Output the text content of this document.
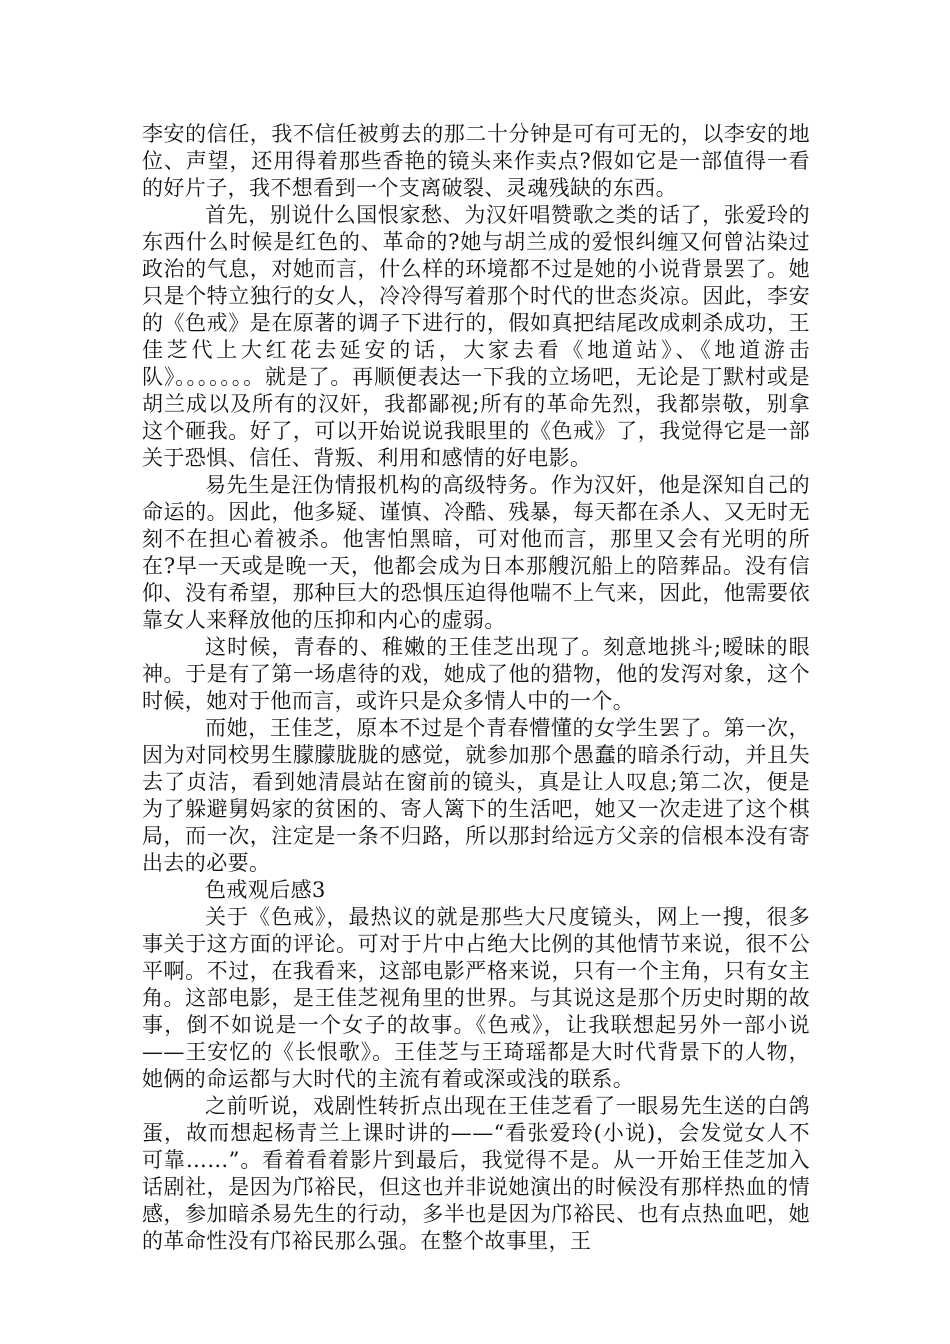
李安的信任，我不信任被剪去的那二十分钟是可有可无的，以李安的地位、声望，还用得着那些香艳的镜头来作卖点?假如它是一部值得一看的好片子，我不想看到一个支离破裂、灵魂残缺的东西。

首先，别说什么国恨家愁、为汉奸唱赞歌之类的话了，张爱玲的东西什么时候是红色的、革命的?她与胡兰成的爱恨纠缠又何曾沾染过政治的气息，对她而言，什么样的环境都不过是她的小说背景罢了。她只是个特立独行的女人，冷冷得写着那个时代的世态炎凉。因此，李安的《色戒》是在原著的调子下进行的，假如真把结尾改成刺杀成功，王佳芝代上大红花去延安的话，大家去看《地道站》、《地道游击队》。。。。。。。就是了。再顺便表达一下我的立场吧，无论是丁默村或是胡兰成以及所有的汉奸，我都鄙视;所有的革命先烈，我都崇敬，别拿这个砸我。好了，可以开始说说我眼里的《色戒》了，我觉得它是一部关于恐惧、信任、背叛、利用和感情的好电影。

易先生是汪伪情报机构的高级特务。作为汉奸，他是深知自己的命运的。因此，他多疑、谨慎、冷酷、残暴，每天都在杀人、又无时无刻不在担心着被杀。他害怕黑暗，可对他而言，那里又会有光明的所在?早一天或是晚一天，他都会成为日本那艘沉船上的陪葬品。没有信仰、没有希望，那种巨大的恐惧压迫得他喘不上气来，因此，他需要依靠女人来释放他的压抑和内心的虚弱。

这时候，青春的、稚嫩的王佳芝出现了。刻意地挑斗;暧昧的眼神。于是有了第一场虐待的戏，她成了他的猎物，他的发泻对象，这个时候，她对于他而言，或许只是众多情人中的一个。

而她，王佳芝，原本不过是个青春懵懂的女学生罢了。第一次，因为对同校男生朦朦胧胧的感觉，就参加那个愚蠢的暗杀行动，并且失去了贞洁，看到她清晨站在窗前的镜头，真是让人叹息;第二次，便是为了躲避舅妈家的贫困的、寄人篱下的生活吧，她又一次走进了这个棋局，而一次，注定是一条不归路，所以那封给远方父亲的信根本没有寄出去的必要。

色戒观后感3

关于《色戒》，最热议的就是那些大尺度镜头，网上一搜，很多事关于这方面的评论。可对于片中占绝大比例的其他情节来说，很不公平啊。不过，在我看来，这部电影严格来说，只有一个主角，只有女主角。这部电影，是王佳芝视角里的世界。与其说这是那个历史时期的故事，倒不如说是一个女子的故事。《色戒》，让我联想起另外一部小说——王安忆的《长恨歌》。王佳芝与王琦瑶都是大时代背景下的人物，她俩的命运都与大时代的主流有着或深或浅的联系。

之前听说，戏剧性转折点出现在王佳芝看了一眼易先生送的白鸽蛋，故而想起杨青兰上课时讲的——“看张爱玲(小说)，会发觉女人不可靠……”。看着看着影片到最后，我觉得不是。从一开始王佳芝加入话剧社，是因为邝裕民，但这也并非说她演出的时候没有那样热血的情感，参加暗杀易先生的行动，多半也是因为邝裕民、也有点热血吧，她的革命性没有邝裕民那么强。在整个故事里，王
